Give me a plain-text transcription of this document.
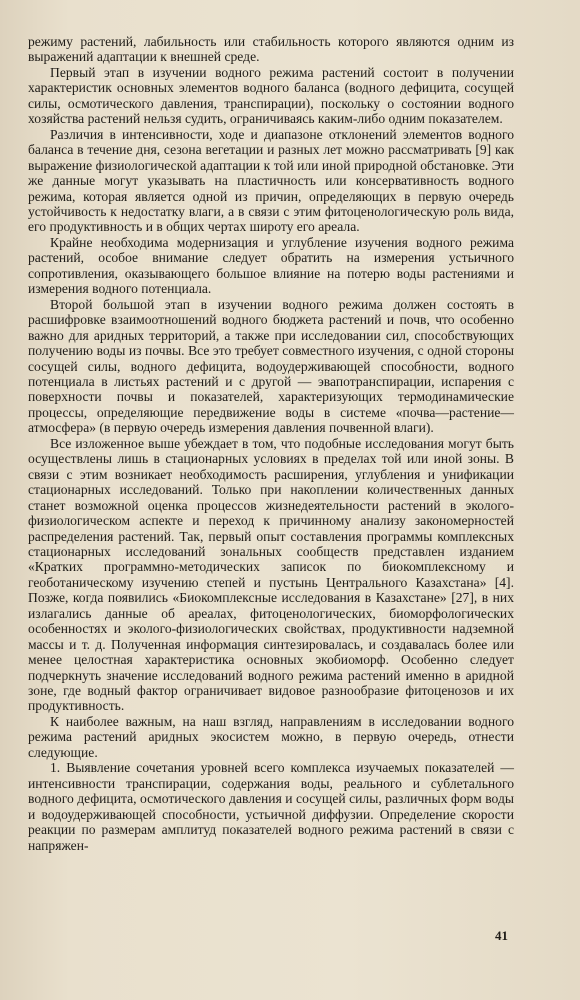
режиму растений, лабильность или стабильность которого являются одним из выражений адаптации к внешней среде.

Первый этап в изучении водного режима растений состоит в получении характеристик основных элементов водного баланса (водного дефицита, сосущей силы, осмотического давления, транспирации), поскольку о состоянии водного хозяйства растений нельзя судить, ограничиваясь каким-либо одним показателем.

Различия в интенсивности, ходе и диапазоне отклонений элементов водного баланса в течение дня, сезона вегетации и разных лет можно рассматривать [9] как выражение физиологической адаптации к той или иной природной обстановке. Эти же данные могут указывать на пластичность или консервативность водного режима, которая является одной из причин, определяющих в первую очередь устойчивость к недостатку влаги, а в связи с этим фитоценологическую роль вида, его продуктивность и в общих чертах широту его ареала.

Крайне необходима модернизация и углубление изучения водного режима растений, особое внимание следует обратить на измерения устьичного сопротивления, оказывающего большое влияние на потерю воды растениями и измерения водного потенциала.

Второй большой этап в изучении водного режима должен состоять в расшифровке взаимоотношений водного бюджета растений и почв, что особенно важно для аридных территорий, а также при исследовании сил, способствующих получению воды из почвы. Все это требует совместного изучения, с одной стороны сосущей силы, водного дефицита, водоудерживающей способности, водного потенциала в листьях растений и с другой — эвапотранспирации, испарения с поверхности почвы и показателей, характеризующих термодинамические процессы, определяющие передвижение воды в системе «почва—растение—атмосфера» (в первую очередь измерения давления почвенной влаги).

Все изложенное выше убеждает в том, что подобные исследования могут быть осуществлены лишь в стационарных условиях в пределах той или иной зоны. В связи с этим возникает необходимость расширения, углубления и унификации стационарных исследований. Только при накоплении количественных данных станет возможной оценка процессов жизнедеятельности растений в эколого-физиологическом аспекте и переход к причинному анализу закономерностей распределения растений. Так, первый опыт составления программы комплексных стационарных исследований зональных сообществ представлен изданием «Кратких программно-методических записок по биокомплексному и геоботаническому изучению степей и пустынь Центрального Казахстана» [4]. Позже, когда появились «Биокомплексные исследования в Казахстане» [27], в них излагались данные об ареалах, фитоценологических, биоморфологических особенностях и эколого-физиологических свойствах, продуктивности надземной массы и т. д. Полученная информация синтезировалась, и создавалась более или менее целостная характеристика основных экобиоморф. Особенно следует подчеркнуть значение исследований водного режима растений именно в аридной зоне, где водный фактор ограничивает видовое разнообразие фитоценозов и их продуктивность.

К наиболее важным, на наш взгляд, направлениям в исследовании водного режима растений аридных экосистем можно, в первую очередь, отнести следующие.

1. Выявление сочетания уровней всего комплекса изучаемых показателей — интенсивности транспирации, содержания воды, реального и сублетального водного дефицита, осмотического давления и сосущей силы, различных форм воды и водоудерживающей способности, устьичной диффузии. Определение скорости реакции по размерам амплитуд показателей водного режима растений в связи с напряжен-

41
